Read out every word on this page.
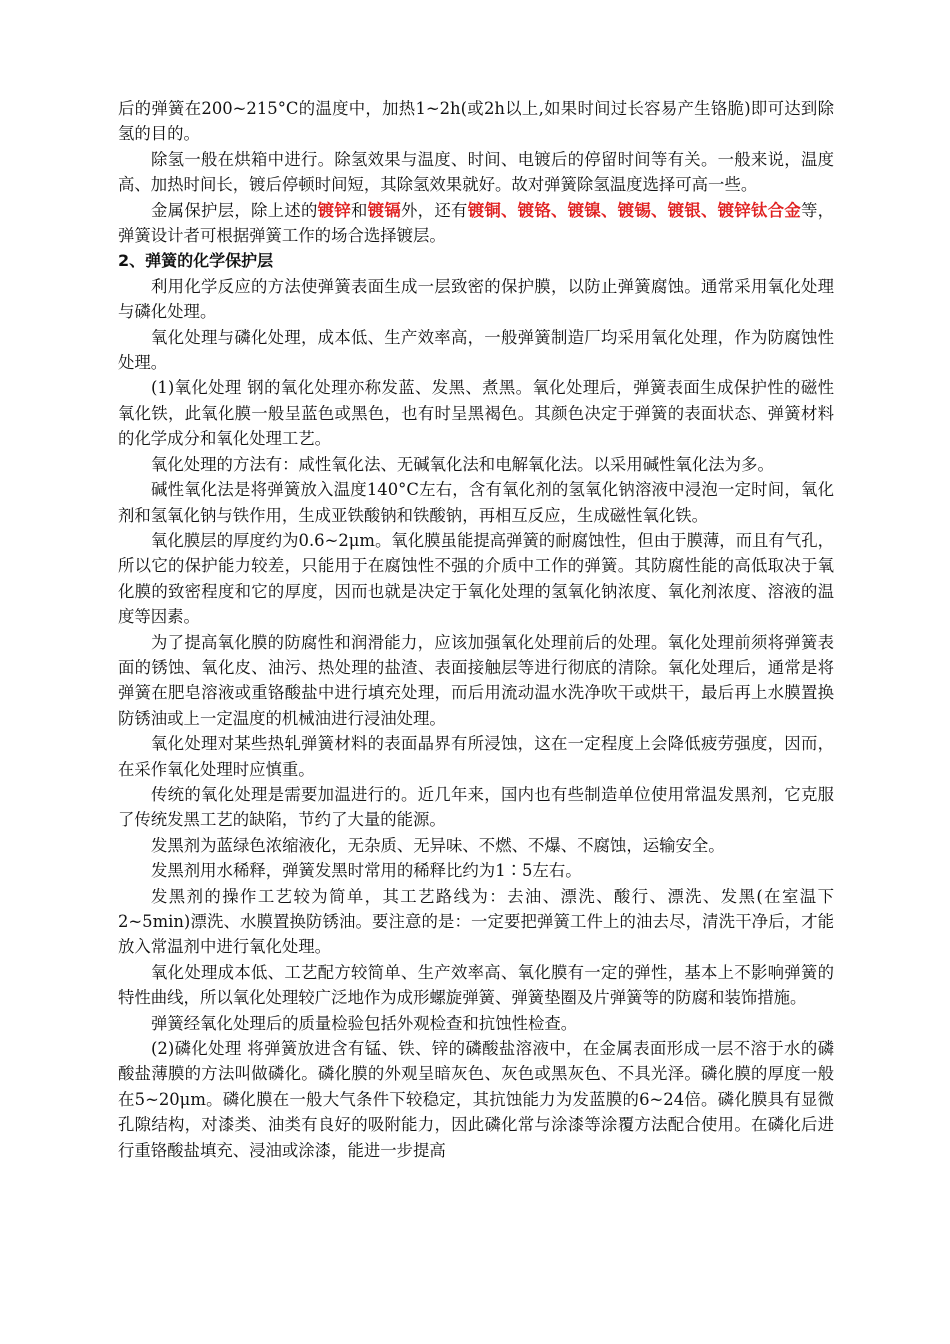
后的弹簧在200~215°C的温度中，加热1~2h(或2h以上,如果时间过长容易产生铬脆)即可达到除氢的目的。

除氢一般在烘箱中进行。除氢效果与温度、时间、电镀后的停留时间等有关。一般来说，温度高、加热时间长，镀后停顿时间短，其除氢效果就好。故对弹簧除氢温度选择可高一些。

金属保护层，除上述的镀锌和镀镉外，还有镀铜、镀铬、镀镍、镀锡、镀银、镀锌钛合金等，弹簧设计者可根据弹簧工作的场合选择镀层。

2、弹簧的化学保护层

利用化学反应的方法使弹簧表面生成一层致密的保护膜，以防止弹簧腐蚀。通常采用氧化处理与磷化处理。

氧化处理与磷化处理，成本低、生产效率高，一般弹簧制造厂均采用氧化处理，作为防腐蚀性处理。

(1)氧化处理 钢的氧化处理亦称发蓝、发黑、煮黑。氧化处理后，弹簧表面生成保护性的磁性氧化铁，此氧化膜一般呈蓝色或黑色，也有时呈黑褐色。其颜色决定于弹簧的表面状态、弹簧材料的化学成分和氧化处理工艺。

氧化处理的方法有：咸性氧化法、无碱氧化法和电解氧化法。以采用碱性氧化法为多。

碱性氧化法是将弹簧放入温度140°C左右，含有氧化剂的氢氧化钠溶液中浸泡一定时间，氧化剂和氢氧化钠与铁作用，生成亚铁酸钠和铁酸钠，再相互反应，生成磁性氧化铁。

氧化膜层的厚度约为0.6~2μm。氧化膜虽能提高弹簧的耐腐蚀性，但由于膜薄，而且有气孔，所以它的保护能力较差，只能用于在腐蚀性不强的介质中工作的弹簧。其防腐性能的高低取决于氧化膜的致密程度和它的厚度，因而也就是决定于氧化处理的氢氧化钠浓度、氧化剂浓度、溶液的温度等因素。

为了提高氧化膜的防腐性和润滑能力，应该加强氧化处理前后的处理。氧化处理前须将弹簧表面的锈蚀、氧化皮、油污、热处理的盐渣、表面接触层等进行彻底的清除。氧化处理后，通常是将弹簧在肥皂溶液或重铬酸盐中进行填充处理，而后用流动温水洗净吹干或烘干，最后再上水膜置换防锈油或上一定温度的机械油进行浸油处理。

氧化处理对某些热轧弹簧材料的表面晶界有所浸蚀，这在一定程度上会降低疲劳强度，因而，在采作氧化处理时应慎重。

传统的氧化处理是需要加温进行的。近几年来，国内也有些制造单位使用常温发黑剂，它克服了传统发黑工艺的缺陷，节约了大量的能源。

发黑剂为蓝绿色浓缩液化，无杂质、无异味、不燃、不爆、不腐蚀，运输安全。

发黑剂用水稀释，弹簧发黑时常用的稀释比约为1∶5左右。

发黑剂的操作工艺较为简单，其工艺路线为：去油、漂洗、酸行、漂洗、发黑(在室温下2~5min)漂洗、水膜置换防锈油。要注意的是：一定要把弹簧工件上的油去尽，清洗干净后，才能放入常温剂中进行氧化处理。

氧化处理成本低、工艺配方较简单、生产效率高、氧化膜有一定的弹性，基本上不影响弹簧的特性曲线，所以氧化处理较广泛地作为成形螺旋弹簧、弹簧垫圈及片弹簧等的防腐和装饰措施。

弹簧经氧化处理后的质量检验包括外观检查和抗蚀性检查。

(2)磷化处理 将弹簧放进含有锰、铁、锌的磷酸盐溶液中，在金属表面形成一层不溶于水的磷酸盐薄膜的方法叫做磷化。磷化膜的外观呈暗灰色、灰色或黑灰色、不具光泽。磷化膜的厚度一般在5~20μm。磷化膜在一般大气条件下较稳定，其抗蚀能力为发蓝膜的6~24倍。磷化膜具有显微孔隙结构，对漆类、油类有良好的吸附能力，因此磷化常与涂漆等涂覆方法配合使用。在磷化后进行重铬酸盐填充、浸油或涂漆，能进一步提高
